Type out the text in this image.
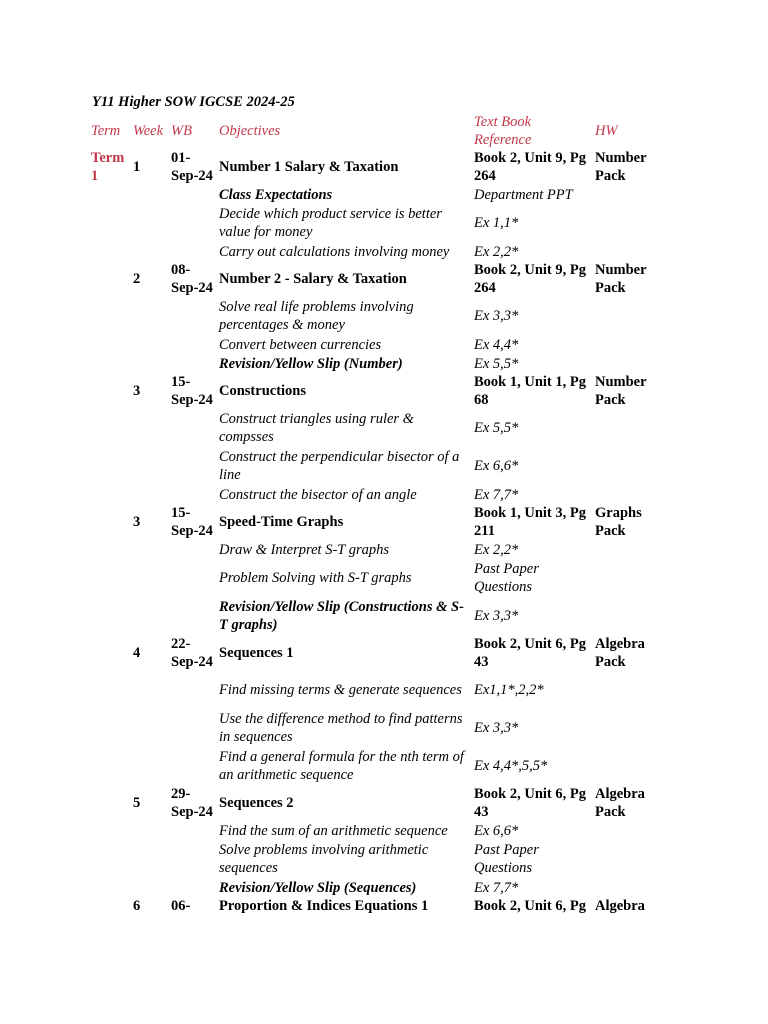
Y11 Higher SOW IGCSE 2024-25
Term	Week	WB	Objectives	Text Book Reference	HW
Term 1	1	01-Sep-24	Number 1 Salary & Taxation	Book 2, Unit 9, Pg 264	Number Pack
			Class Expectations	Department PPT	
			Decide which product service is better value for money	Ex 1,1*	
			Carry out calculations involving money	Ex 2,2*	
	2	08-Sep-24	Number 2 - Salary & Taxation	Book 2, Unit 9, Pg 264	Number Pack
			Solve real life problems involving percentages & money	Ex 3,3*	
			Convert between currencies	Ex 4,4*	
			Revision/Yellow Slip (Number)	Ex 5,5*	
	3	15-Sep-24	Constructions	Book 1, Unit 1, Pg 68	Number Pack
			Construct triangles using ruler & compsses	Ex 5,5*	
			Construct the perpendicular bisector of a line	Ex 6,6*	
			Construct the bisector of an angle	Ex 7,7*	
	3	15-Sep-24	Speed-Time Graphs	Book 1, Unit 3, Pg 211	Graphs Pack
			Draw & Interpret S-T graphs	Ex 2,2*	
			Problem Solving with S-T graphs	Past Paper Questions	
			Revision/Yellow Slip (Constructions & S-T graphs)	Ex 3,3*	
	4	22-Sep-24	Sequences 1	Book 2, Unit 6, Pg 43	Algebra Pack
			Find missing terms & generate sequences	Ex1,1*,2,2*	
			Use the difference method to find patterns in sequences	Ex 3,3*	
			Find a general formula for the nth term of an arithmetic sequence	Ex 4,4*,5,5*	
	5	29-Sep-24	Sequences 2	Book 2, Unit 6, Pg 43	Algebra Pack
			Find the sum of an arithmetic sequence	Ex 6,6*	
			Solve problems involving arithmetic sequences	Past Paper Questions	
			Revision/Yellow Slip (Sequences)	Ex 7,7*	
	6	06-	Proportion & Indices Equations 1	Book 2, Unit 6, Pg	Algebra
